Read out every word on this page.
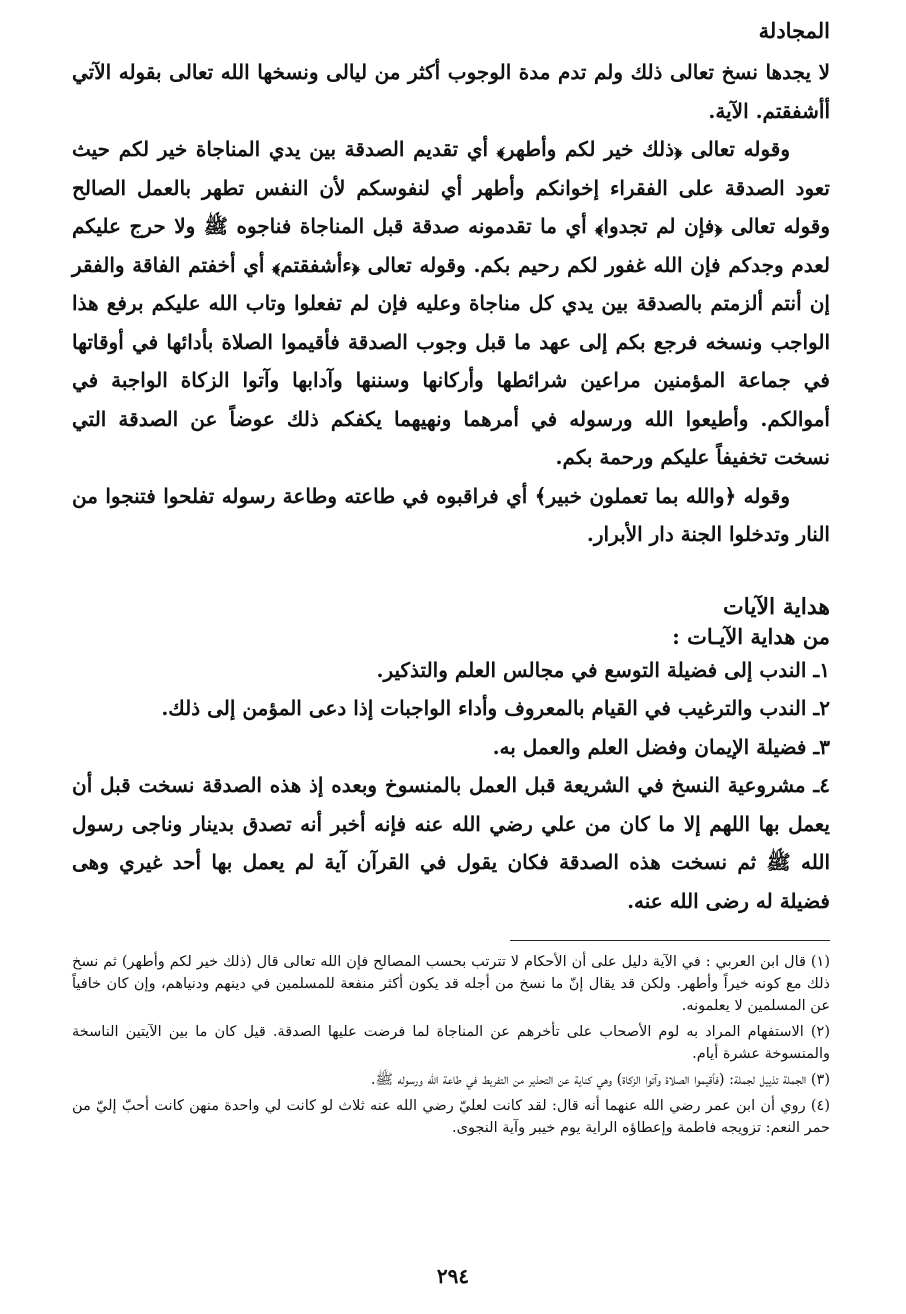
المجادلة

لا يجدها نسخ تعالى ذلك ولم تدم مدة الوجوب أكثر من ليالى ونسخها الله تعالى بقوله الآتي أأشفقتم. الآية.

وقوله تعالى ﴿ذلك خير لكم وأطهر﴾ أي تقديم الصدقة بين يدي المناجاة خير لكم حيث تعود الصدقة على الفقراء إخوانكم وأطهر أي لنفوسكم لأن النفس تطهر بالعمل الصالح وقوله تعالى ﴿فإن لم تجدوا﴾ أي ما تقدمونه صدقة قبل المناجاة فناجوه ﷺ ولا حرج عليكم لعدم وجدكم فإن الله غفور لكم رحيم بكم. وقوله تعالى ﴿ءأشفقتم﴾ أي أخفتم الفاقة والفقر إن أنتم ألزمتم بالصدقة بين يدي كل مناجاة وعليه فإن لم تفعلوا وتاب الله عليكم برفع هذا الواجب ونسخه فرجع بكم إلى عهد ما قبل وجوب الصدقة فأقيموا الصلاة بأدائها في أوقاتها في جماعة المؤمنين مراعين شرائطها وأركانها وسننها وآدابها وآتوا الزكاة الواجبة في أموالكم. وأطيعوا الله ورسوله في أمرهما ونهيهما يكفكم ذلك عوضاً عن الصدقة التي نسخت تخفيفاً عليكم ورحمة بكم.

وقوله ﴿والله بما تعملون خبير﴾ أي فراقبوه في طاعته وطاعة رسوله تفلحوا فتنجوا من النار وتدخلوا الجنة دار الأبرار.

هداية الآيات
من هداية الآيـات :
١ـ الندب إلى فضيلة التوسع في مجالس العلم والتذكير.
٢ـ الندب والترغيب في القيام بالمعروف وأداء الواجبات إذا دعى المؤمن إلى ذلك.
٣ـ فضيلة الإيمان وفضل العلم والعمل به.
٤ـ مشروعية النسخ في الشريعة قبل العمل بالمنسوخ وبعده إذ هذه الصدقة نسخت قبل أن يعمل بها اللهم إلا ما كان من علي رضي الله عنه فإنه أخبر أنه تصدق بدينار وناجى رسول الله ﷺ ثم نسخت هذه الصدقة فكان يقول في القرآن آية لم يعمل بها أحد غيري وهى فضيلة له رضى الله عنه.
(١) قال ابن العربي : في الآية دليل على أن الأحكام لا تترتب بحسب المصالح فإن الله تعالى قال (ذلك خير لكم وأطهر) ثم نسخ ذلك مع كونه خيراً وأطهر. ولكن قد يقال إنّ ما نسخ من أجله قد يكون أكثر منفعة للمسلمين في دينهم ودنياهم، وإن كان خافياً عن المسلمين لا يعلمونه.
(٢) الاستفهام المراد به لوم الأصحاب على تأخرهم عن المناجاة لما فرضت عليها الصدقة. قيل كان ما بين الآيتين الناسخة والمنسوخة عشرة أيام.
(٣) الجملة تذييل لجملة: (فأقيموا الصلاة وآتوا الزكاة) وهي كناية عن التحذير من التفريط في طاعة الله ورسوله ﷺ.
(٤) روي أن ابن عمر رضي الله عنهما أنه قال: لقد كانت لعليّ رضي الله عنه ثلاث لو كانت لي واحدة منهن كانت أحبّ إليّ من حمر النعم: تزويجه فاطمة وإعطاؤه الراية يوم خيبر وآية النجوى.
٢٩٤
